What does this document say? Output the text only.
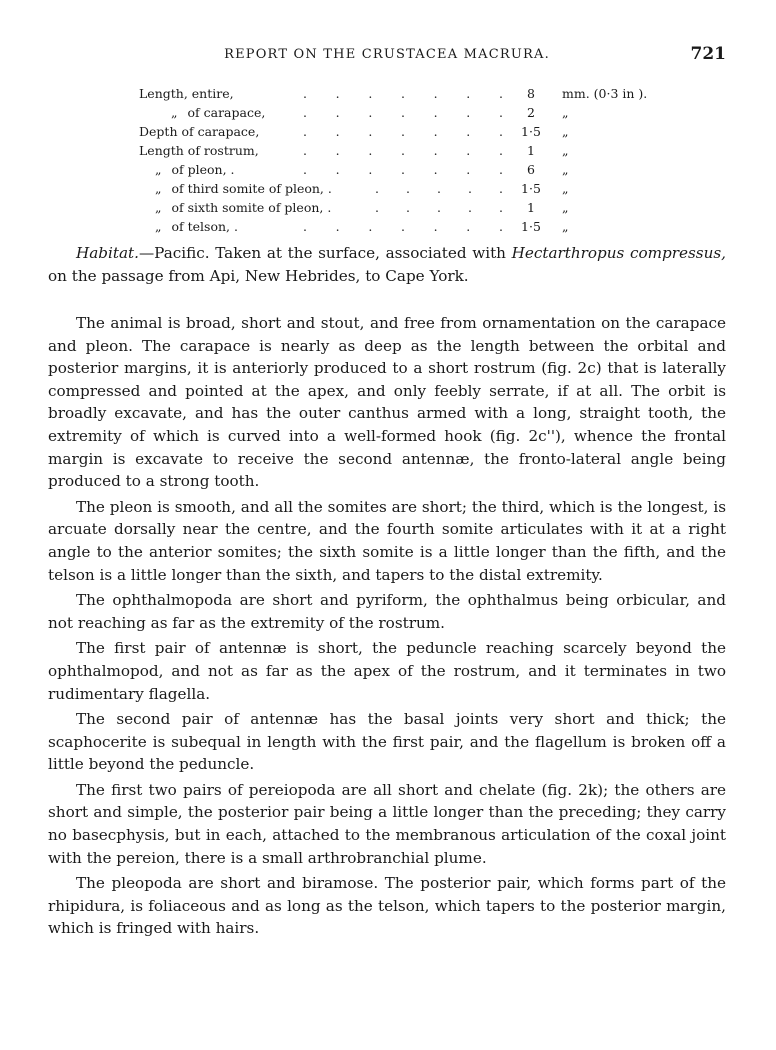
REPORT ON THE CRUSTACEA MACRURA.	721
Length, entire,	. . . . . . .	8	mm. (0·3 in ).
„ of carapace,	. . . . . . .	2	„
Depth of carapace,	. . . . . . . 1·5 „
Length of rostrum,	. . . . . . .	1	„
„ of pleon, .	. . . . . . .	6	„
„ of third somite of pleon, .	. . . . . 1·5 „
„ of sixth somite of pleon, .	. . . . .	1	„
„ of telson, .	. . . . . . . 1·5 „
Habitat.—Pacific. Taken at the surface, associated with Hectarthropus compressus, on the passage from Api, New Hebrides, to Cape York.

The animal is broad, short and stout, and free from ornamentation on the carapace and pleon. The carapace is nearly as deep as the length between the orbital and posterior margins, it is anteriorly produced to a short rostrum (fig. 2c) that is laterally compressed and pointed at the apex, and only feebly serrate, if at all. The orbit is broadly excavate, and has the outer canthus armed with a long, straight tooth, the extremity of which is curved into a well-formed hook (fig. 2c''), whence the frontal margin is excavate to receive the second antennæ, the fronto-lateral angle being produced to a strong tooth.

The pleon is smooth, and all the somites are short; the third, which is the longest, is arcuate dorsally near the centre, and the fourth somite articulates with it at a right angle to the anterior somites; the sixth somite is a little longer than the fifth, and the telson is a little longer than the sixth, and tapers to the distal extremity.

The ophthalmopoda are short and pyriform, the ophthalmus being orbicular, and not reaching as far as the extremity of the rostrum.

The first pair of antennæ is short, the peduncle reaching scarcely beyond the ophthalmopod, and not as far as the apex of the rostrum, and it terminates in two rudimentary flagella.

The second pair of antennæ has the basal joints very short and thick; the scaphocerite is subequal in length with the first pair, and the flagellum is broken off a little beyond the peduncle.

The first two pairs of pereiopoda are all short and chelate (fig. 2k); the others are short and simple, the posterior pair being a little longer than the preceding; they carry no basecphysis, but in each, attached to the membranous articulation of the coxal joint with the pereion, there is a small arthrobranchial plume.

The pleopoda are short and biramose. The posterior pair, which forms part of the rhipidura, is foliaceous and as long as the telson, which tapers to the posterior margin, which is fringed with hairs.
